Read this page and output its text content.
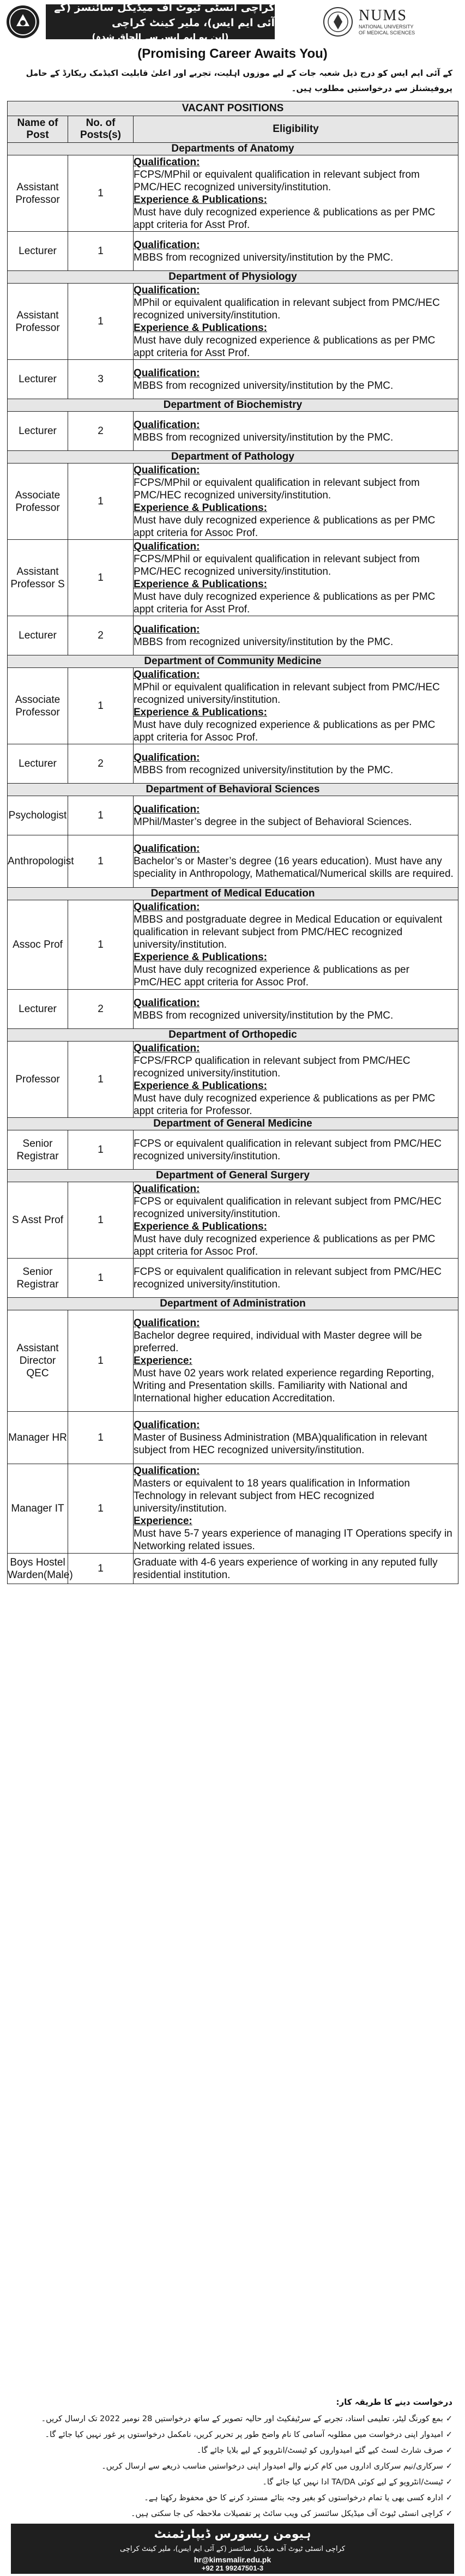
کراچی انسٹی ٹیوٹ آف میڈیکل سائنسز (کے آئی ایم ایس)، ملیر کینٹ کراچی
(این یو ایم ایس سے الحاق شدہ)
NUMS
NATIONAL UNIVERSITY
OF MEDICAL SCIENCES
(Promising Career Awaits You)
کے آئی ایم ایس کو درج ذیل شعبہ جات کے لیے موزوں اہلیت، تجربے اور اعلیٰ قابلیت اکیڈمک ریکارڈ کے حامل پروفیشنلز سے درخواستیں مطلوب ہیں۔
VACANT POSITIONS		
Name of Post	No. of Posts(s)	Eligibility
Departments of Anatomy		
Assistant Professor	1	Qualification:
FCPS/MPhil or equivalent qualification in relevant subject from PMC/HEC recognized university/institution.
Experience & Publications:
Must have duly recognized experience & publications as per PMC appt criteria for Asst Prof.

Lecturer	1	Qualification:
MBBS from recognized university/institution by the PMC.

Department of Physiology		
Assistant Professor	1	Qualification:
MPhil or equivalent qualification in relevant subject from PMC/HEC recognized university/institution.
Experience & Publications:
Must have duly recognized experience & publications as per PMC appt criteria for Asst Prof.

Lecturer	3	Qualification:
MBBS from recognized university/institution by the PMC.

Department of Biochemistry		
Lecturer	2	Qualification:
MBBS from recognized university/institution by the PMC.

Department of Pathology		
Associate Professor	1	Qualification:
FCPS/MPhil or equivalent qualification in relevant subject from PMC/HEC recognized university/institution.
Experience & Publications:
Must have duly recognized experience & publications as per PMC appt criteria for Assoc Prof.

Assistant Professor S	1	Qualification:
FCPS/MPhil or equivalent qualification in relevant subject from PMC/HEC recognized university/institution.
Experience & Publications:
Must have duly recognized experience & publications as per PMC appt criteria for Asst Prof.

Lecturer	2	Qualification:
MBBS from recognized university/institution by the PMC.

Department of Community Medicine		
Associate Professor	1	Qualification:
MPhil or equivalent qualification in relevant subject from PMC/HEC recognized university/institution.
Experience & Publications:
Must have duly recognized experience & publications as per PMC appt criteria for Assoc Prof.

Lecturer	2	Qualification:
MBBS from recognized university/institution by the PMC.

Department of Behavioral Sciences		
Psychologist	1	Qualification:
MPhil/Master’s degree in the subject of Behavioral Sciences.

Anthropologist	1	Qualification:
Bachelor’s or Master’s degree (16 years education). Must have any speciality in Anthropology, Mathematical/Numerical skills are required.

Department of Medical Education		
Assoc Prof	1	Qualification:
MBBS and postgraduate degree in Medical Education or equivalent qualification in relevant subject from PMC/HEC recognized university/institution.
Experience & Publications:
Must have duly recognized experience & publications as per PmC/HEC appt criteria for Assoc Prof.

Lecturer	2	Qualification:
MBBS from recognized university/institution by the PMC.

Department of Orthopedic		
Professor	1	Qualification:
FCPS/FRCP qualification in relevant subject from PMC/HEC recognized university/institution.
Experience & Publications:
Must have duly recognized experience & publications as per PMC appt criteria for Professor.

Department of General Medicine		
Senior Registrar	1	FCPS or equivalent qualification in relevant subject from PMC/HEC recognized university/institution.

Department of General Surgery		
S Asst Prof	1	Qualification:
FCPS or equivalent qualification in relevant subject from PMC/HEC recognized university/institution.
Experience & Publications:
Must have duly recognized experience & publications as per PMC appt criteria for Assoc Prof.

Senior Registrar	1	FCPS or equivalent qualification in relevant subject from PMC/HEC recognized university/institution.

Department of Administration		
Assistant Director QEC	1	Qualification:
Bachelor degree required, individual with Master degree will be preferred.
Experience:
Must have 02 years work related experience regarding Reporting, Writing and Presentation skills. Familiarity with National and International higher education Accreditation.

Manager HR	1	Qualification:
Master of Business Administration (MBA)qualification in relevant subject from HEC recognized university/institution.

Manager IT	1	Qualification:
Masters or equivalent to 18 years qualification in Information Technology in relevant subject from HEC recognized university/institution.
Experience:
Must have 5-7 years experience of managing IT Operations specify in Networking related issues.

Boys Hostel Warden(Male)	1	Graduate with 4-6 years experience of working in any reputed fully residential institution.
درخواست دینے کا طریقہ کار:
✓ بمع کورنگ لیٹر، تعلیمی اسناد، تجربے کے سرٹیفکیٹ اور حالیہ تصویر کے ساتھ درخواستیں 28 نومبر 2022 تک ارسال کریں۔
✓ امیدوار اپنی درخواست میں مطلوبہ آسامی کا نام واضح طور پر تحریر کریں، نامکمل درخواستوں پر غور نہیں کیا جائے گا۔
✓ صرف شارٹ لسٹ کیے گئے امیدواروں کو ٹیسٹ/انٹرویو کے لیے بلایا جائے گا۔
✓ سرکاری/نیم سرکاری اداروں میں کام کرنے والے امیدوار اپنی درخواستیں مناسب ذریعے سے ارسال کریں۔
✓ ٹیسٹ/انٹرویو کے لیے کوئی TA/DA ادا نہیں کیا جائے گا۔
✓ ادارہ کسی بھی یا تمام درخواستوں کو بغیر وجہ بتائے مسترد کرنے کا حق محفوظ رکھتا ہے۔
✓ کراچی انسٹی ٹیوٹ آف میڈیکل سائنسز کی ویب سائٹ پر تفصیلات ملاحظہ کی جا سکتی ہیں۔
ہیومن ریسورس ڈیپارٹمنٹ
کراچی انسٹی ٹیوٹ آف میڈیکل سائنسز (کے آئی ایم ایس)، ملیر کینٹ کراچی
hr@kimsmalir.edu.pk
+92 21 99247501-3
